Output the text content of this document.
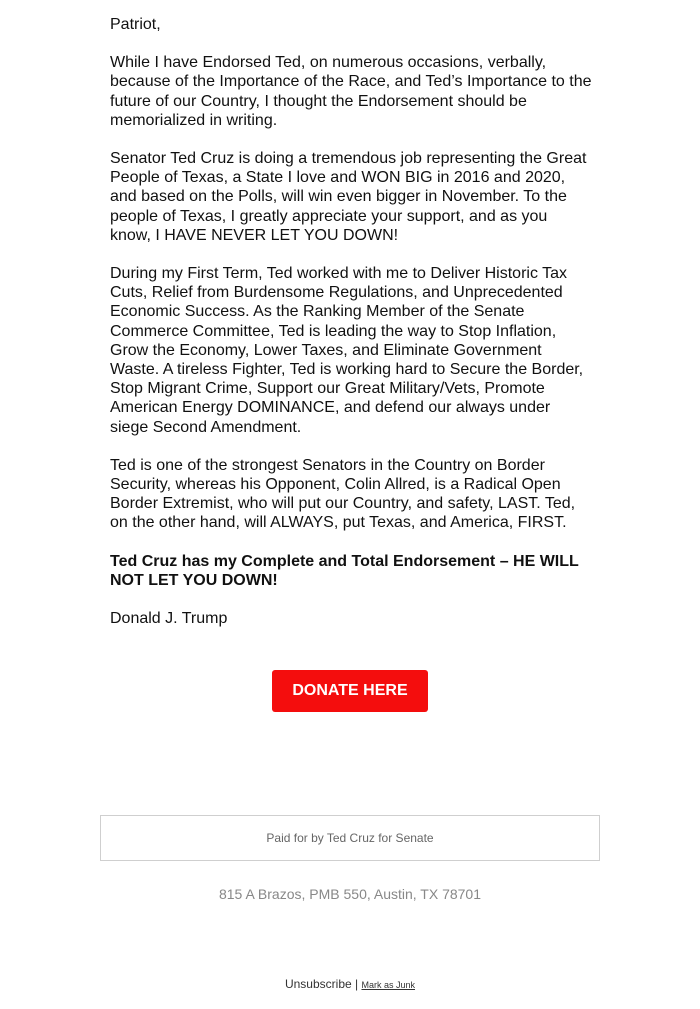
Patriot,

While I have Endorsed Ted, on numerous occasions, verbally, because of the Importance of the Race, and Ted’s Importance to the future of our Country, I thought the Endorsement should be memorialized in writing.

Senator Ted Cruz is doing a tremendous job representing the Great People of Texas, a State I love and WON BIG in 2016 and 2020, and based on the Polls, will win even bigger in November. To the people of Texas, I greatly appreciate your support, and as you know, I HAVE NEVER LET YOU DOWN!

During my First Term, Ted worked with me to Deliver Historic Tax Cuts, Relief from Burdensome Regulations, and Unprecedented Economic Success. As the Ranking Member of the Senate Commerce Committee, Ted is leading the way to Stop Inflation, Grow the Economy, Lower Taxes, and Eliminate Government Waste. A tireless Fighter, Ted is working hard to Secure the Border, Stop Migrant Crime, Support our Great Military/Vets, Promote American Energy DOMINANCE, and defend our always under siege Second Amendment.

Ted is one of the strongest Senators in the Country on Border Security, whereas his Opponent, Colin Allred, is a Radical Open Border Extremist, who will put our Country, and safety, LAST. Ted, on the other hand, will ALWAYS, put Texas, and America, FIRST.

Ted Cruz has my Complete and Total Endorsement – HE WILL NOT LET YOU DOWN!

Donald J. Trump

DONATE HERE
Paid for by Ted Cruz for Senate
815 A Brazos, PMB 550, Austin, TX 78701
Unsubscribe | Mark as Junk
